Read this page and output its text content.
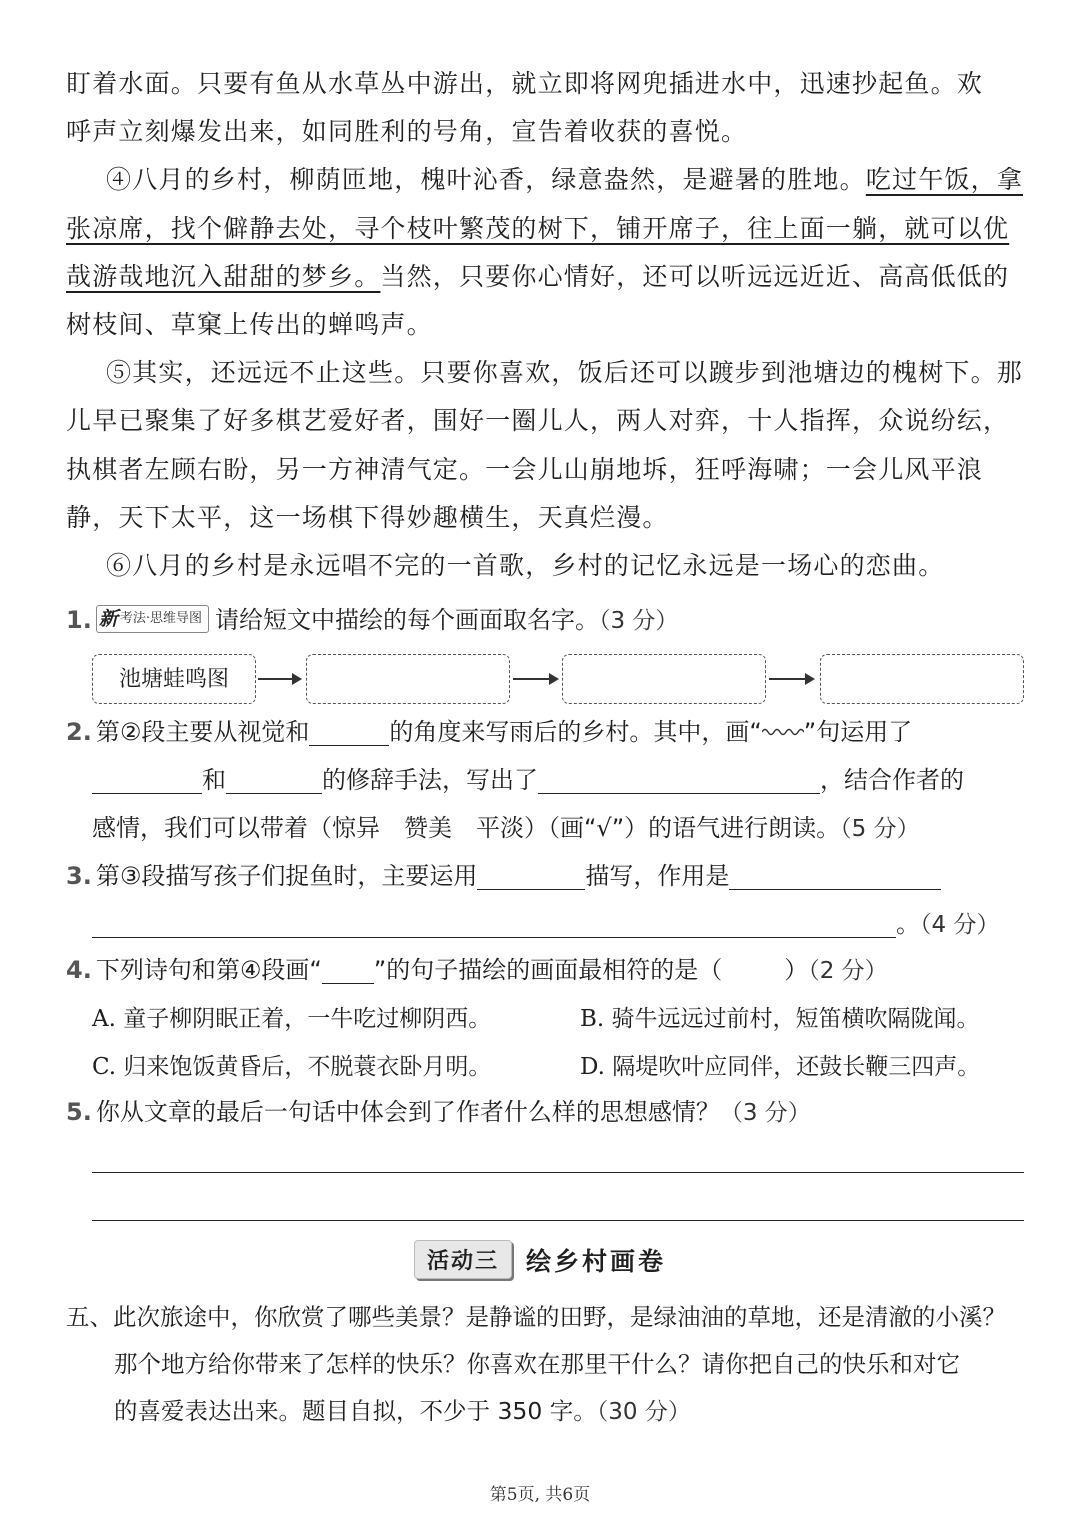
盯着水面。只要有鱼从水草丛中游出，就立即将网兜插进水中，迅速抄起鱼。欢

呼声立刻爆发出来，如同胜利的号角，宣告着收获的喜悦。

④八月的乡村，柳荫匝地，槐叶沁香，绿意盎然，是避暑的胜地。吃过午饭，拿张凉席，找个僻静去处，寻个枝叶繁茂的树下，铺开席子，往上面一躺，就可以优哉游哉地沉入甜甜的梦乡。当然，只要你心情好，还可以听远远近近、高高低低的树枝间、草窠上传出的蝉鸣声。

⑤其实，还远远不止这些。只要你喜欢，饭后还可以踱步到池塘边的槐树下。那儿早已聚集了好多棋艺爱好者，围好一圈儿人，两人对弈，十人指挥，众说纷纭，执棋者左顾右盼，另一方神清气定。一会儿山崩地坼，狂呼海啸；一会儿风平浪静，天下太平，这一场棋下得妙趣横生，天真烂漫。

⑥八月的乡村是永远唱不完的一首歌，乡村的记忆永远是一场心的恋曲。

1. 新 考法·思维导图 请给短文中描绘的每个画面取名字。（3 分）
池塘蛙鸣图
2. 第②段主要从视觉和	的角度来写雨后的乡村。其中，画“ ”句运用了
和	的修辞手法，写出了	，结合作者的
感情，我们可以带着（惊异 赞美 平淡）（画“√”）的语气进行朗读。（5 分）
3. 第③段描写孩子们捉鱼时，主要运用	描写，作用是
。（4 分）
4. 下列诗句和第④段画“ ”的句子描绘的画面最相符的是（	）（2 分）
A. 童子柳阴眠正着，一牛吃过柳阴西。	B. 骑牛远远过前村，短笛横吹隔陇闻。
C. 归来饱饭黄昏后，不脱蓑衣卧月明。	D. 隔堤吹叶应同伴，还鼓长鞭三四声。
5. 你从文章的最后一句话中体会到了作者什么样的思想感情？（3 分）
活动三 绘乡村画卷
五、此次旅途中，你欣赏了哪些美景？是静谧的田野，是绿油油的草地，还是清澈的小溪？
那个地方给你带来了怎样的快乐？你喜欢在那里干什么？请你把自己的快乐和对它
的喜爱表达出来。题目自拟，不少于 350 字。（30 分）
第5页, 共6页
